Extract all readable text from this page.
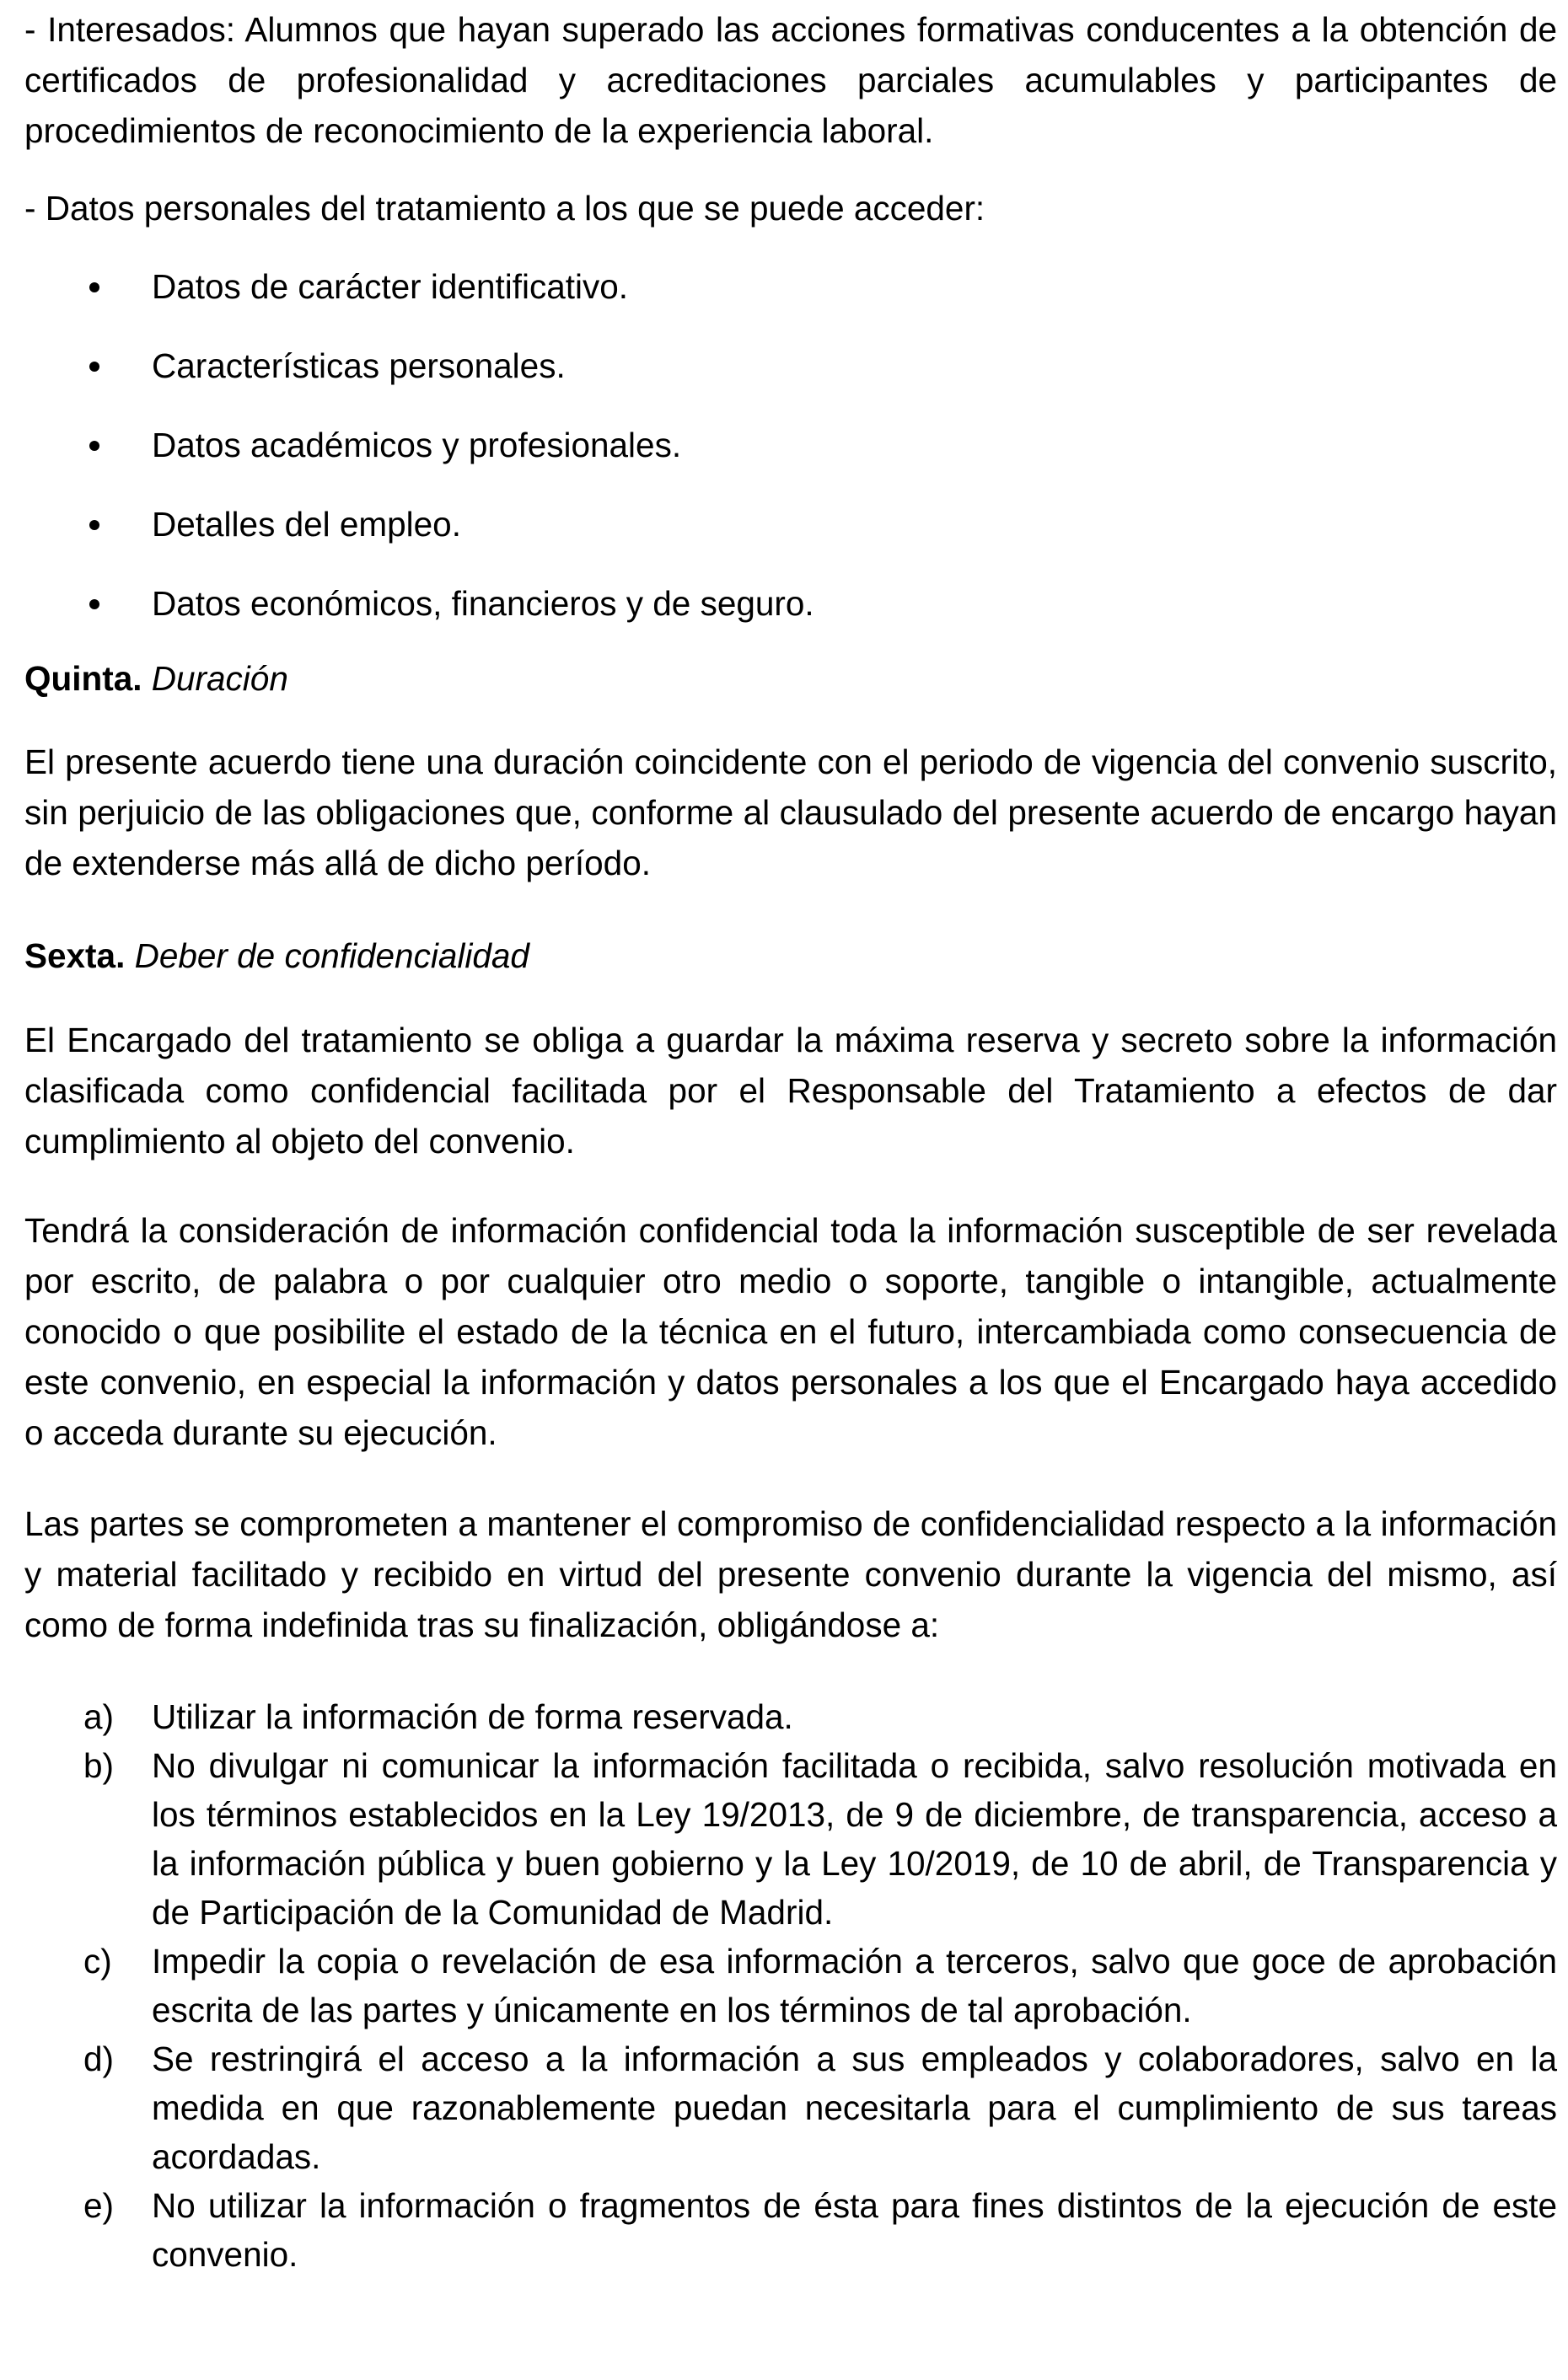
- Interesados: Alumnos que hayan superado las acciones formativas conducentes a la obtención de certificados de profesionalidad y acreditaciones parciales acumulables y participantes de procedimientos de reconocimiento de la experiencia laboral.

- Datos personales del tratamiento a los que se puede acceder:

Datos de carácter identificativo.
Características personales.
Datos académicos y profesionales.
Detalles del empleo.
Datos económicos, financieros y de seguro.
Quinta. Duración

El presente acuerdo tiene una duración coincidente con el periodo de vigencia del convenio suscrito, sin perjuicio de las obligaciones que, conforme al clausulado del presente acuerdo de encargo hayan de extenderse más allá de dicho período.

Sexta. Deber de confidencialidad

El Encargado del tratamiento se obliga a guardar la máxima reserva y secreto sobre la información clasificada como confidencial facilitada por el Responsable del Tratamiento a efectos de dar cumplimiento al objeto del convenio.

Tendrá la consideración de información confidencial toda la información susceptible de ser revelada por escrito, de palabra o por cualquier otro medio o soporte, tangible o intangible, actualmente conocido o que posibilite el estado de la técnica en el futuro, intercambiada como consecuencia de este convenio, en especial la información y datos personales a los que el Encargado haya accedido o acceda durante su ejecución.

Las partes se comprometen a mantener el compromiso de confidencialidad respecto a la información y material facilitado y recibido en virtud del presente convenio durante la vigencia del mismo, así como de forma indefinida tras su finalización, obligándose a:

a) Utilizar la información de forma reservada.
b) No divulgar ni comunicar la información facilitada o recibida, salvo resolución motivada en los términos establecidos en la Ley 19/2013, de 9 de diciembre, de transparencia, acceso a la información pública y buen gobierno y la Ley 10/2019, de 10 de abril, de Transparencia y de Participación de la Comunidad de Madrid.
c) Impedir la copia o revelación de esa información a terceros, salvo que goce de aprobación escrita de las partes y únicamente en los términos de tal aprobación.
d) Se restringirá el acceso a la información a sus empleados y colaboradores, salvo en la medida en que razonablemente puedan necesitarla para el cumplimiento de sus tareas acordadas.
e) No utilizar la información o fragmentos de ésta para fines distintos de la ejecución de este convenio.
